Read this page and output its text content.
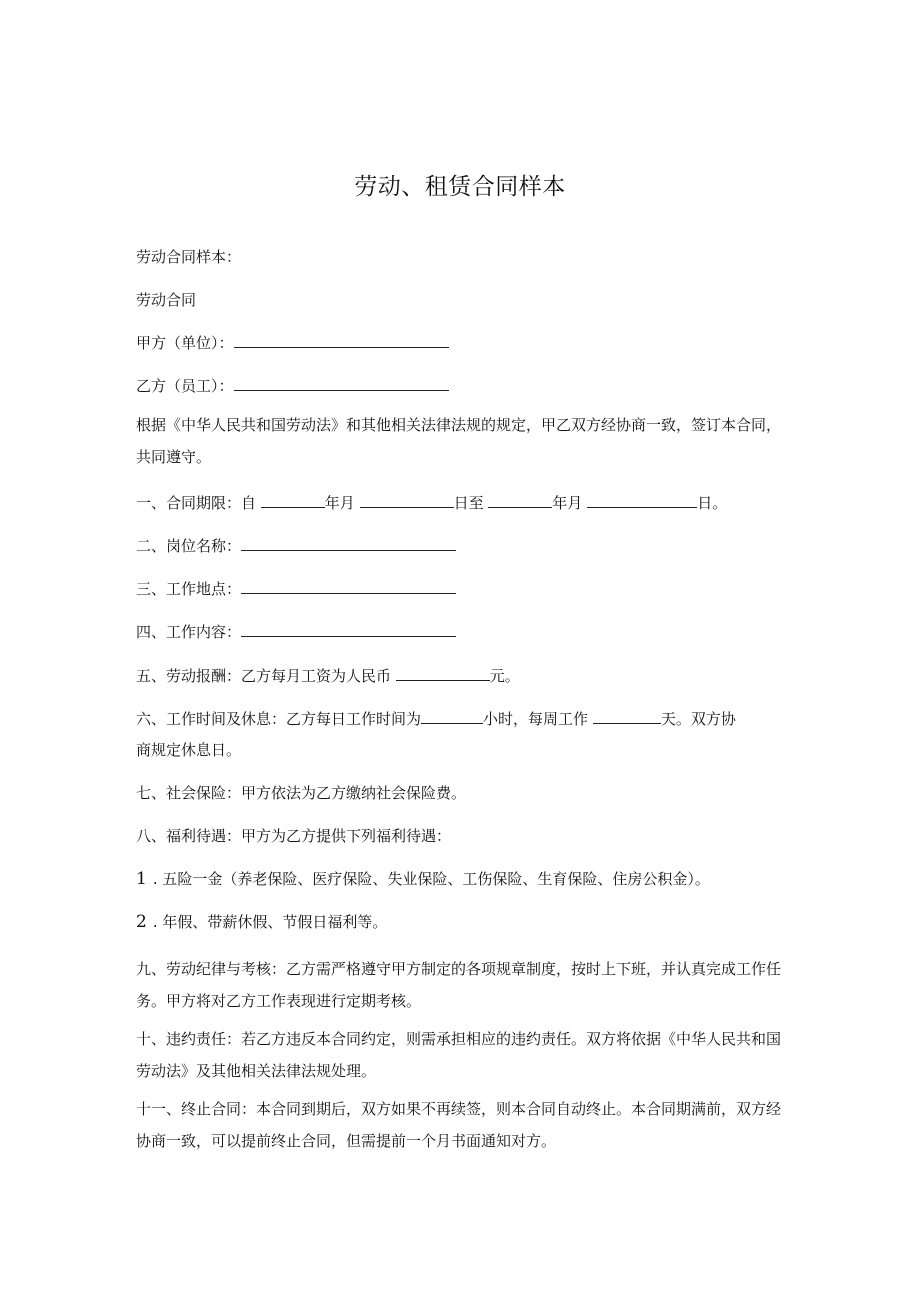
劳动、租赁合同样本
劳动合同样本：
劳动合同
甲方（单位）：
乙方（员工）：
根据《中华人民共和国劳动法》和其他相关法律法规的规定，甲乙双方经协商一致，签订本合同，共同遵守。
一、合同期限：自	年月	日至	年月	日。
二、岗位名称：
三、工作地点：
四、工作内容：
五、劳动报酬：乙方每月工资为人民币	元。
六、工作时间及休息：乙方每日工作时间为	小时，每周工作	天。双方协
商规定休息日。
七、社会保险：甲方依法为乙方缴纳社会保险费。
八、福利待遇：甲方为乙方提供下列福利待遇：
1 . 五险一金（养老保险、医疗保险、失业保险、工伤保险、生育保险、住房公积金）。
2 . 年假、带薪休假、节假日福利等。
九、劳动纪律与考核：乙方需严格遵守甲方制定的各项规章制度，按时上下班，并认真完成工作任务。甲方将对乙方工作表现进行定期考核。
十、违约责任：若乙方违反本合同约定，则需承担相应的违约责任。双方将依据《中华人民共和国劳动法》及其他相关法律法规处理。
十一、终止合同：本合同到期后，双方如果不再续签，则本合同自动终止。本合同期满前，双方经协商一致，可以提前终止合同，但需提前一个月书面通知对方。
